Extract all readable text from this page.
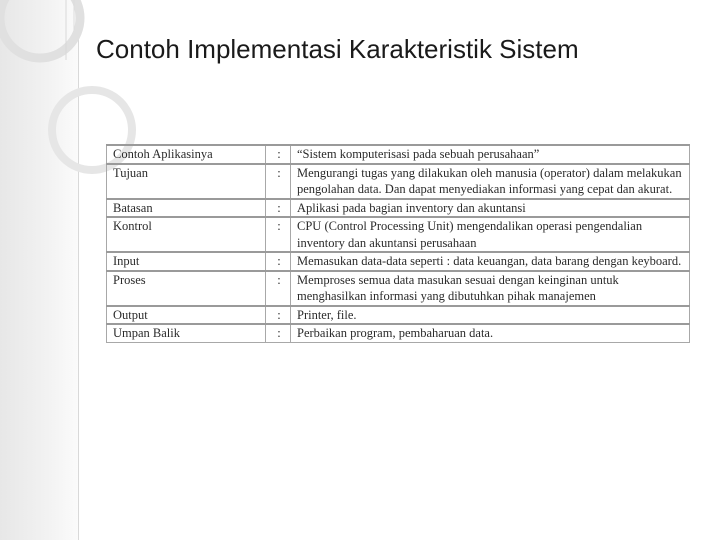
Contoh Implementasi Karakteristik Sistem
Contoh Aplikasinya	:	“Sistem komputerisasi pada sebuah perusahaan”
Tujuan	:	Mengurangi tugas yang dilakukan oleh manusia (operator) dalam melakukan pengolahan data. Dan dapat menyediakan informasi yang cepat dan akurat.
Batasan	:	Aplikasi pada bagian inventory dan akuntansi
Kontrol	:	CPU (Control Processing Unit) mengendalikan operasi pengendalian inventory dan akuntansi perusahaan
Input	:	Memasukan data-data seperti : data keuangan, data barang dengan keyboard.
Proses	:	Memproses semua data masukan sesuai dengan keinginan untuk menghasilkan informasi yang dibutuhkan pihak manajemen
Output	:	Printer, file.
Umpan Balik	:	Perbaikan program, pembaharuan data.
